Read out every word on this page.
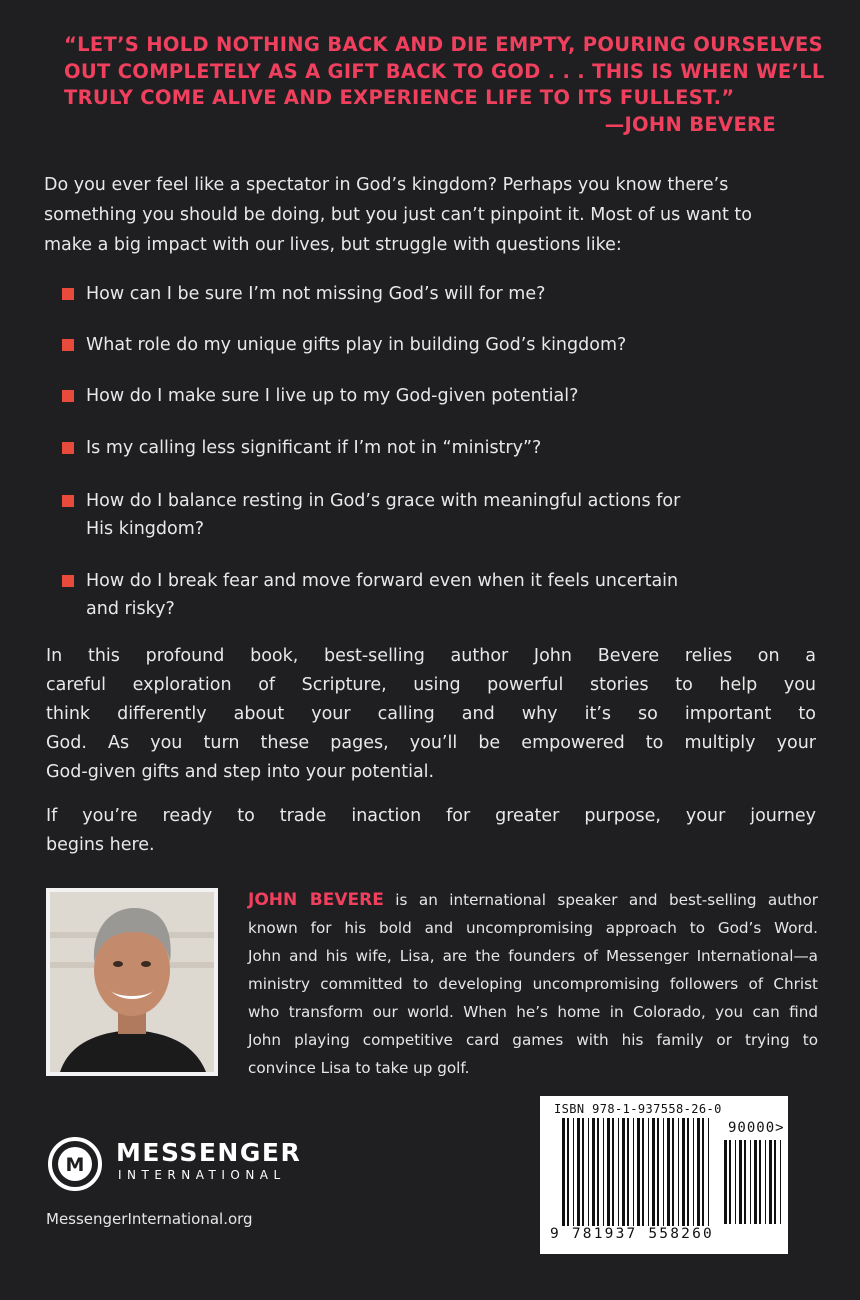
“LET’S HOLD NOTHING BACK AND DIE EMPTY, POURING OURSELVES
OUT COMPLETELY AS A GIFT BACK TO GOD . . . THIS IS WHEN WE’LL
TRULY COME ALIVE AND EXPERIENCE LIFE TO ITS FULLEST.”
—JOHN BEVERE
Do you ever feel like a spectator in God’s kingdom? Perhaps you know there’s
something you should be doing, but you just can’t pinpoint it. Most of us want to
make a big impact with our lives, but struggle with questions like:
How can I be sure I’m not missing God’s will for me?
What role do my unique gifts play in building God’s kingdom?
How do I make sure I live up to my God-given potential?
Is my calling less significant if I’m not in “ministry”?
How do I balance resting in God’s grace with meaningful actions for
His kingdom?
How do I break fear and move forward even when it feels uncertain
and risky?
In this profound book, best-selling author John Bevere relies on a
careful exploration of Scripture, using powerful stories to help you
think differently about your calling and why it’s so important to
God. As you turn these pages, you’ll be empowered to multiply your
God-given gifts and step into your potential.
If you’re ready to trade inaction for greater purpose, your journey
begins here.
JOHN BEVERE is an international speaker and best-selling author
known for his bold and uncompromising approach to God’s Word.
John and his wife, Lisa, are the founders of Messenger International—a
ministry committed to developing uncompromising followers of Christ
who transform our world. When he’s home in Colorado, you can find
John playing competitive card games with his family or trying to
convince Lisa to take up golf.
M MESSENGER
INTERNATIONAL
MessengerInternational.org
ISBN 978-1-937558-26-0
90000>
9 781937 558260
